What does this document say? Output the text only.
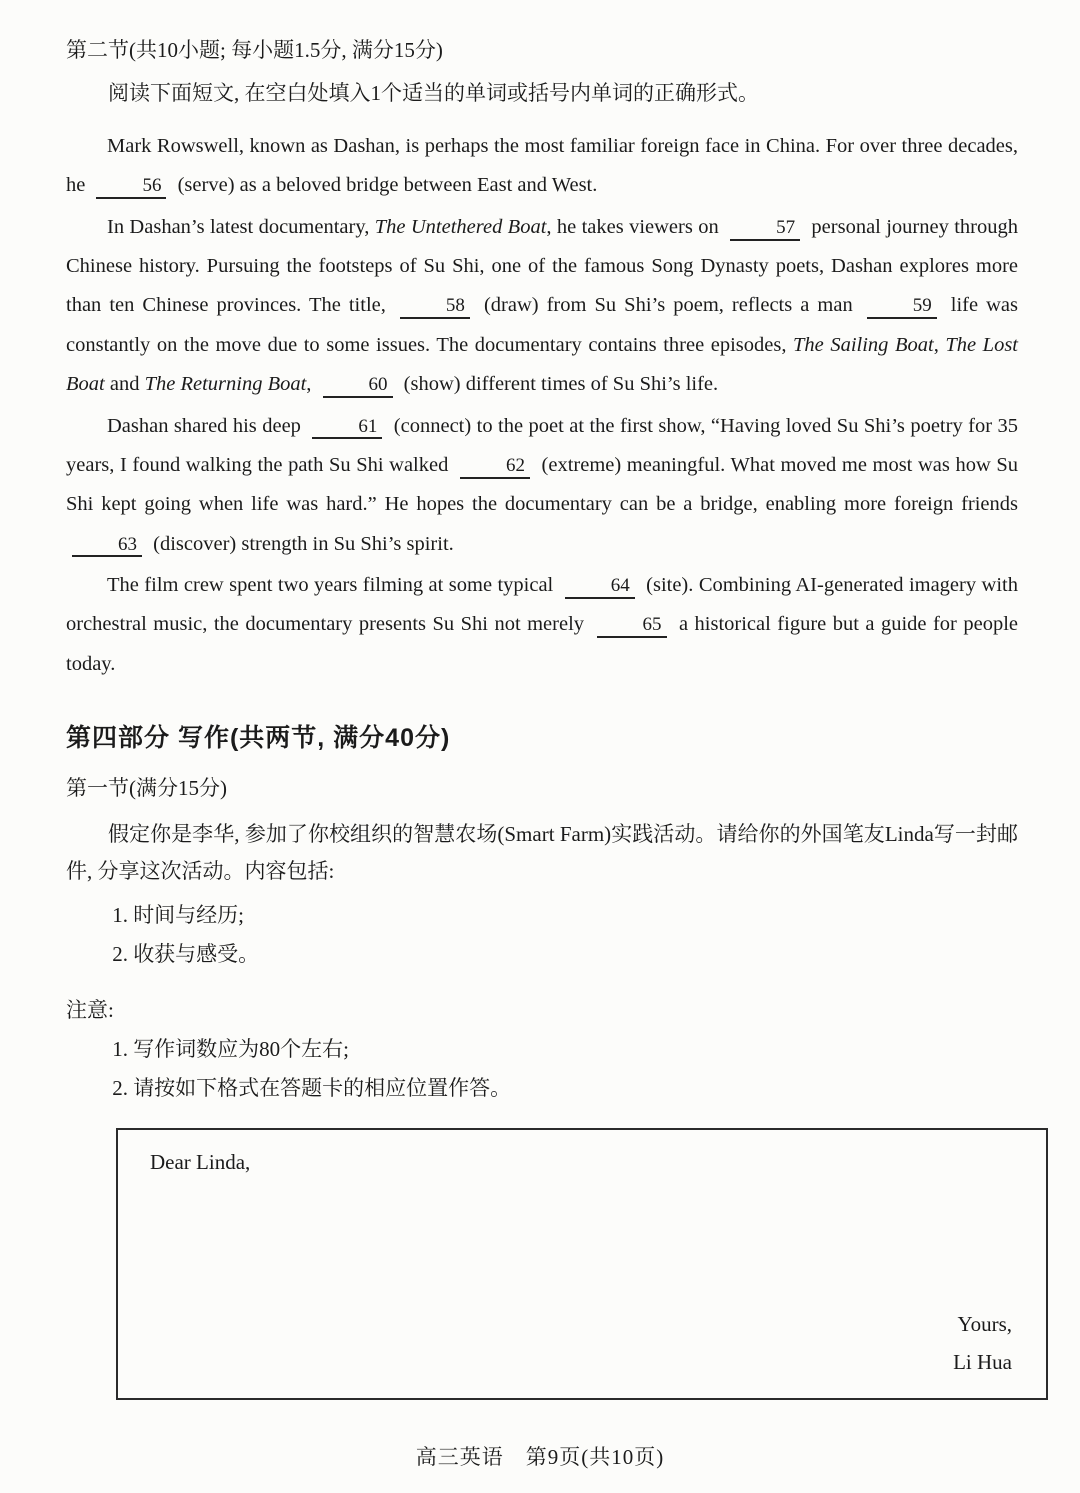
第二节(共10小题; 每小题1.5分, 满分15分)
阅读下面短文, 在空白处填入1个适当的单词或括号内单词的正确形式。

Mark Rowswell, known as Dashan, is perhaps the most familiar foreign face in China. For over three decades, he	56 (serve) as a beloved bridge between East and West.

In Dashan’s latest documentary, The Untethered Boat, he takes viewers on	57 personal journey through Chinese history. Pursuing the footsteps of Su Shi, one of the famous Song Dynasty poets, Dashan explores more than ten Chinese provinces. The title,	58 (draw) from Su Shi’s poem, reflects a man	59 life was constantly on the move due to some issues. The documentary contains three episodes, The Sailing Boat, The Lost Boat and The Returning Boat,	60 (show) different times of Su Shi’s life.

Dashan shared his deep	61 (connect) to the poet at the first show, “Having loved Su Shi’s poetry for 35 years, I found walking the path Su Shi walked	62 (extreme) meaningful. What moved me most was how Su Shi kept going when life was hard.” He hopes the documentary can be a bridge, enabling more foreign friends 63 (discover) strength in Su Shi’s spirit.

The film crew spent two years filming at some typical	64 (site). Combining AI-generated imagery with orchestral music, the documentary presents Su Shi not merely	65 a historical figure but a guide for people today.

第四部分 写作(共两节, 满分40分)
第一节(满分15分)
假定你是李华, 参加了你校组织的智慧农场(Smart Farm)实践活动。请给你的外国笔友Linda写一封邮件, 分享这次活动。内容包括:
1. 时间与经历;
2. 收获与感受。
注意:
1. 写作词数应为80个左右;
2. 请按如下格式在答题卡的相应位置作答。
Dear Linda,
Yours,
Li Hua
高三英语　第9页(共10页)
